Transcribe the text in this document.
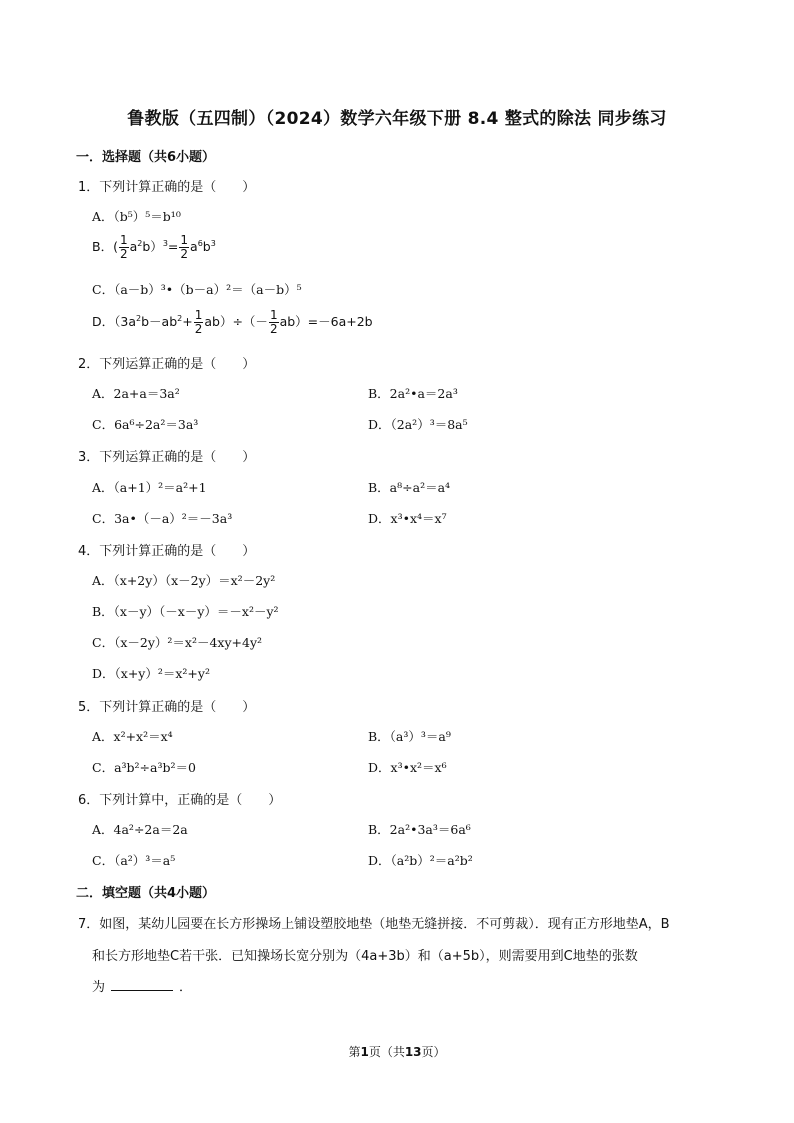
鲁教版（五四制）（2024）数学六年级下册 8.4 整式的除法 同步练习
一．选择题（共6小题）
1．下列计算正确的是（　　）
A．（b⁵）⁵＝b¹⁰
B．( $\frac{1}{2} a^2b)^3= \frac{1}{2} a^6b^3$
C．（a－b）³•（b－a）²＝（a－b）⁵
D．$(3a^2b-ab^2+ \frac{1}{2} ab)\div(- \frac{1}{2} ab)=-6a+2b$
2．下列运算正确的是（　　）
A．2a+a＝3a²	B．2a²•a＝2a³
C．6a⁶÷2a²＝3a³	D．（2a²）³＝8a⁵
3．下列运算正确的是（　　）
A．（a+1）²＝a²+1	B．a⁸÷a²＝a⁴
C．3a•（－a）²＝－3a³	D．x³•x⁴＝x⁷
4．下列计算正确的是（　　）
A．（x+2y）（x－2y）＝x²－2y²
B．（x－y）（－x－y）＝－x²－y²
C．（x－2y）²＝x²－4xy+4y²
D．（x+y）²＝x²+y²
5．下列计算正确的是（　　）
A．x²+x²＝x⁴	B．（a³）³＝a⁹
C．a³b²÷a³b²＝0	D．x³•x²＝x⁶
6．下列计算中，正确的是（　　）
A．4a²÷2a＝2a	B．2a²•3a³＝6a⁶
C．（a²）³＝a⁵	D．（a²b）²＝a²b²
二．填空题（共4小题）
7．如图，某幼儿园要在长方形操场上铺设塑胶地垫（地垫无缝拼接．不可剪裁）．现有正方形地垫A，B
和长方形地垫C若干张．已知操场长宽分别为（4a+3b）和（a+5b），则需要用到C地垫的张数
为	．
第1页（共13页）
